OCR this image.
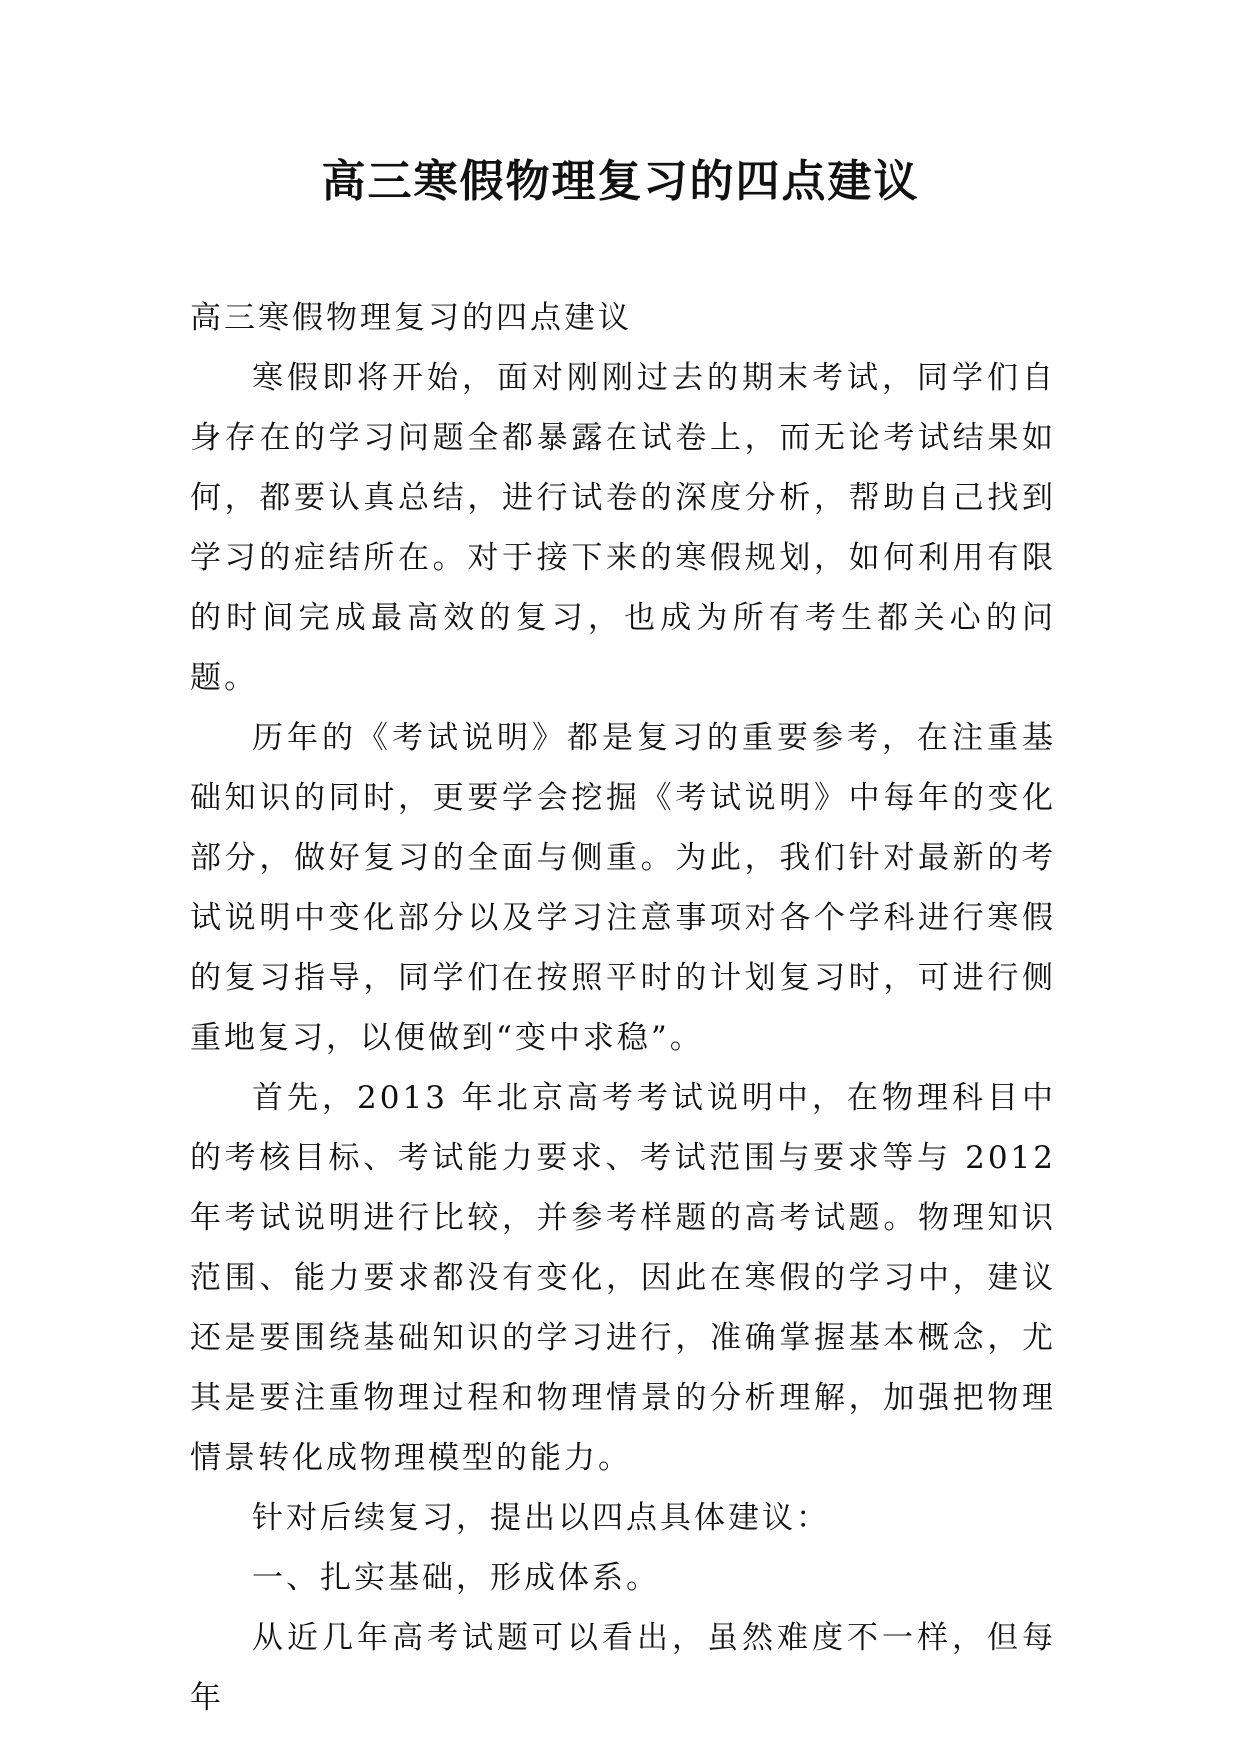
高三寒假物理复习的四点建议

高三寒假物理复习的四点建议

寒假即将开始，面对刚刚过去的期末考试，同学们自身存在的学习问题全都暴露在试卷上，而无论考试结果如何，都要认真总结，进行试卷的深度分析，帮助自己找到学习的症结所在。对于接下来的寒假规划，如何利用有限的时间完成最高效的复习，也成为所有考生都关心的问题。

历年的《考试说明》都是复习的重要参考，在注重基础知识的同时，更要学会挖掘《考试说明》中每年的变化部分，做好复习的全面与侧重。为此，我们针对最新的考试说明中变化部分以及学习注意事项对各个学科进行寒假的复习指导，同学们在按照平时的计划复习时，可进行侧重地复习，以便做到“变中求稳”。

首先，2013 年北京高考考试说明中，在物理科目中的考核目标、考试能力要求、考试范围与要求等与 2012 年考试说明进行比较，并参考样题的高考试题。物理知识范围、能力要求都没有变化，因此在寒假的学习中，建议还是要围绕基础知识的学习进行，准确掌握基本概念，尤其是要注重物理过程和物理情景的分析理解，加强把物理情景转化成物理模型的能力。

针对后续复习，提出以四点具体建议：

一、扎实基础，形成体系。

从近几年高考试题可以看出，虽然难度不一样，但每年
